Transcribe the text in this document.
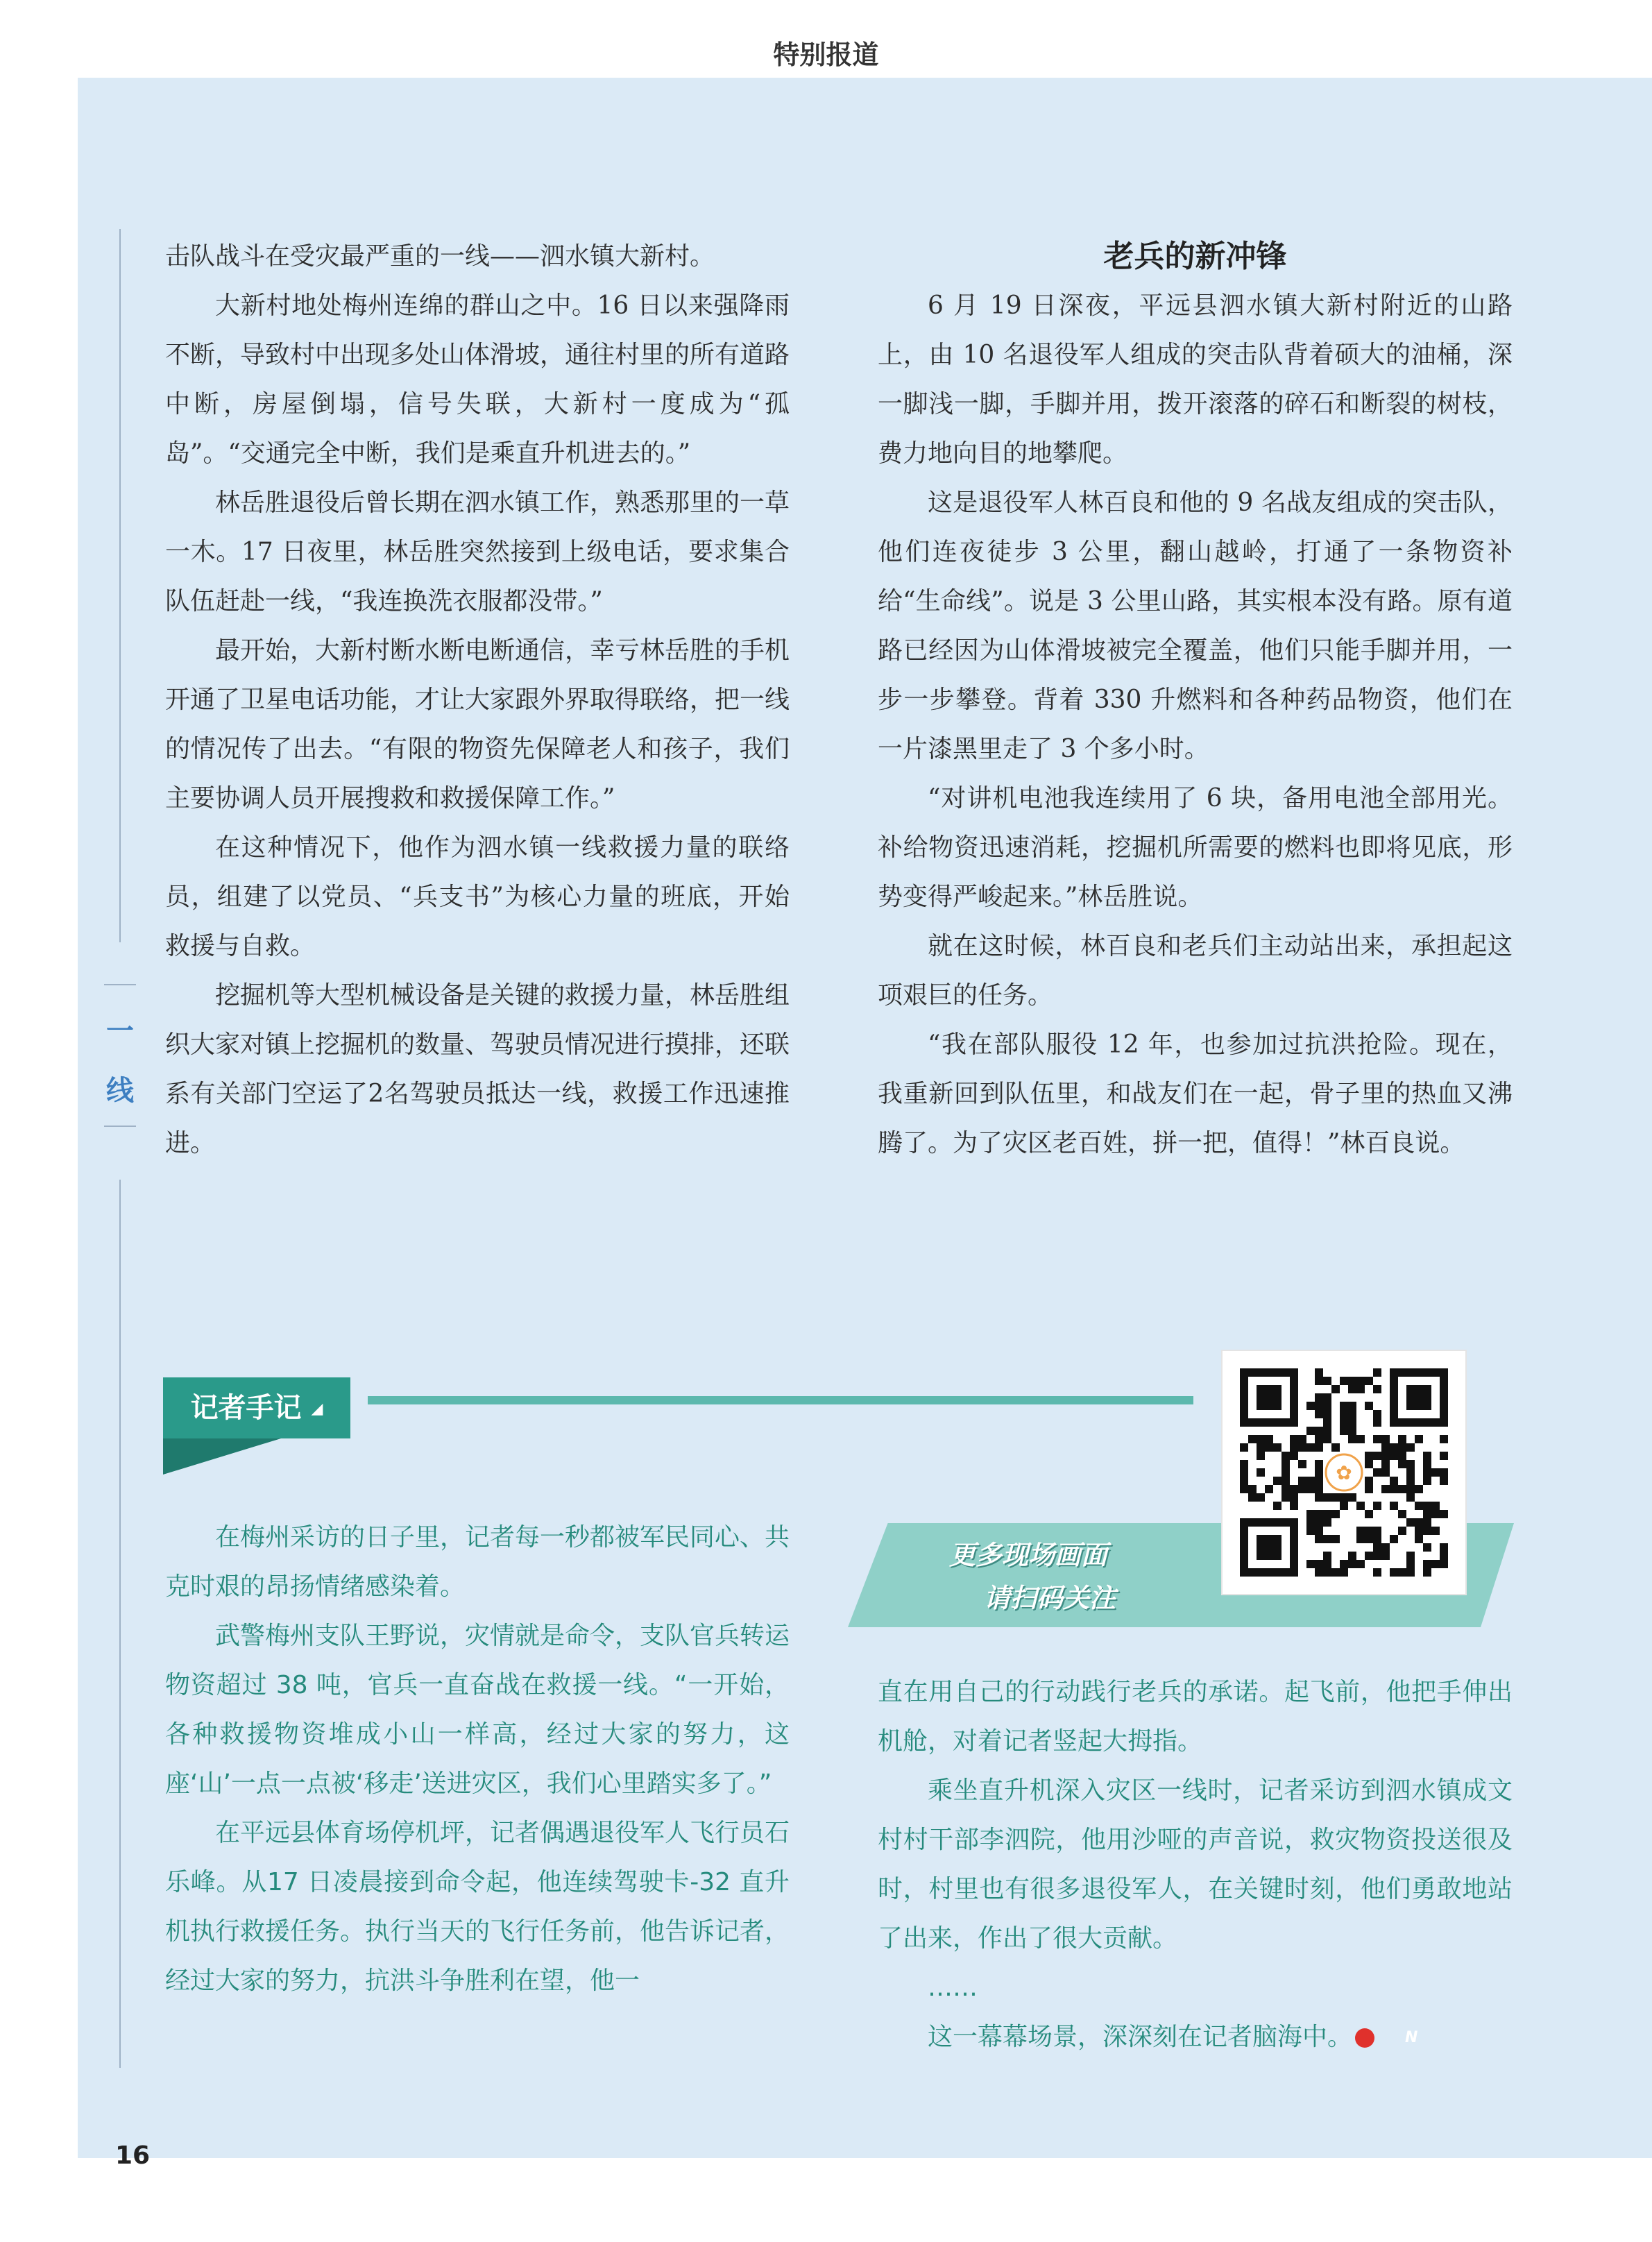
特别报道
一
线

击队战斗在受灾最严重的一线——泗水镇大新村。

大新村地处梅州连绵的群山之中。16 日以来强降雨不断，导致村中出现多处山体滑坡，通往村里的所有道路中断，房屋倒塌，信号失联，大新村一度成为“孤岛”。“交通完全中断，我们是乘直升机进去的。”

林岳胜退役后曾长期在泗水镇工作，熟悉那里的一草一木。17 日夜里，林岳胜突然接到上级电话，要求集合队伍赶赴一线，“我连换洗衣服都没带。”

最开始，大新村断水断电断通信，幸亏林岳胜的手机开通了卫星电话功能，才让大家跟外界取得联络，把一线的情况传了出去。“有限的物资先保障老人和孩子，我们主要协调人员开展搜救和救援保障工作。”

在这种情况下，他作为泗水镇一线救援力量的联络员，组建了以党员、“兵支书”为核心力量的班底，开始救援与自救。

挖掘机等大型机械设备是关键的救援力量，林岳胜组织大家对镇上挖掘机的数量、驾驶员情况进行摸排，还联系有关部门空运了2名驾驶员抵达一线，救援工作迅速推进。

老兵的新冲锋

6 月 19 日深夜，平远县泗水镇大新村附近的山路上，由 10 名退役军人组成的突击队背着硕大的油桶，深一脚浅一脚，手脚并用，拨开滚落的碎石和断裂的树枝，费力地向目的地攀爬。

这是退役军人林百良和他的 9 名战友组成的突击队，他们连夜徒步 3 公里，翻山越岭，打通了一条物资补给“生命线”。说是 3 公里山路，其实根本没有路。原有道路已经因为山体滑坡被完全覆盖，他们只能手脚并用，一步一步攀登。背着 330 升燃料和各种药品物资，他们在一片漆黑里走了 3 个多小时。

“对讲机电池我连续用了 6 块，备用电池全部用光。补给物资迅速消耗，挖掘机所需要的燃料也即将见底，形势变得严峻起来。”林岳胜说。

就在这时候，林百良和老兵们主动站出来，承担起这项艰巨的任务。

“我在部队服役 12 年，也参加过抗洪抢险。现在，我重新回到队伍里，和战友们在一起，骨子里的热血又沸腾了。为了灾区老百姓，拼一把，值得！”林百良说。

记者手记 ◢
更多现场画面
请扫码关注
✿

在梅州采访的日子里，记者每一秒都被军民同心、共克时艰的昂扬情绪感染着。

武警梅州支队王野说，灾情就是命令，支队官兵转运物资超过 38 吨，官兵一直奋战在救援一线。“一开始，各种救援物资堆成小山一样高，经过大家的努力，这座‘山’一点一点被‘移走’送进灾区，我们心里踏实多了。”

在平远县体育场停机坪，记者偶遇退役军人飞行员石乐峰。从17 日凌晨接到命令起，他连续驾驶卡-32 直升机执行救援任务。执行当天的飞行任务前，他告诉记者，经过大家的努力，抗洪斗争胜利在望，他一

直在用自己的行动践行老兵的承诺。起飞前，他把手伸出机舱，对着记者竖起大拇指。

乘坐直升机深入灾区一线时，记者采访到泗水镇成文村村干部李泗院，他用沙哑的声音说，救灾物资投送很及时，村里也有很多退役军人，在关键时刻，他们勇敢地站了出来，作出了很大贡献。

……

这一幕幕场景，深深刻在记者脑海中。	N

16
